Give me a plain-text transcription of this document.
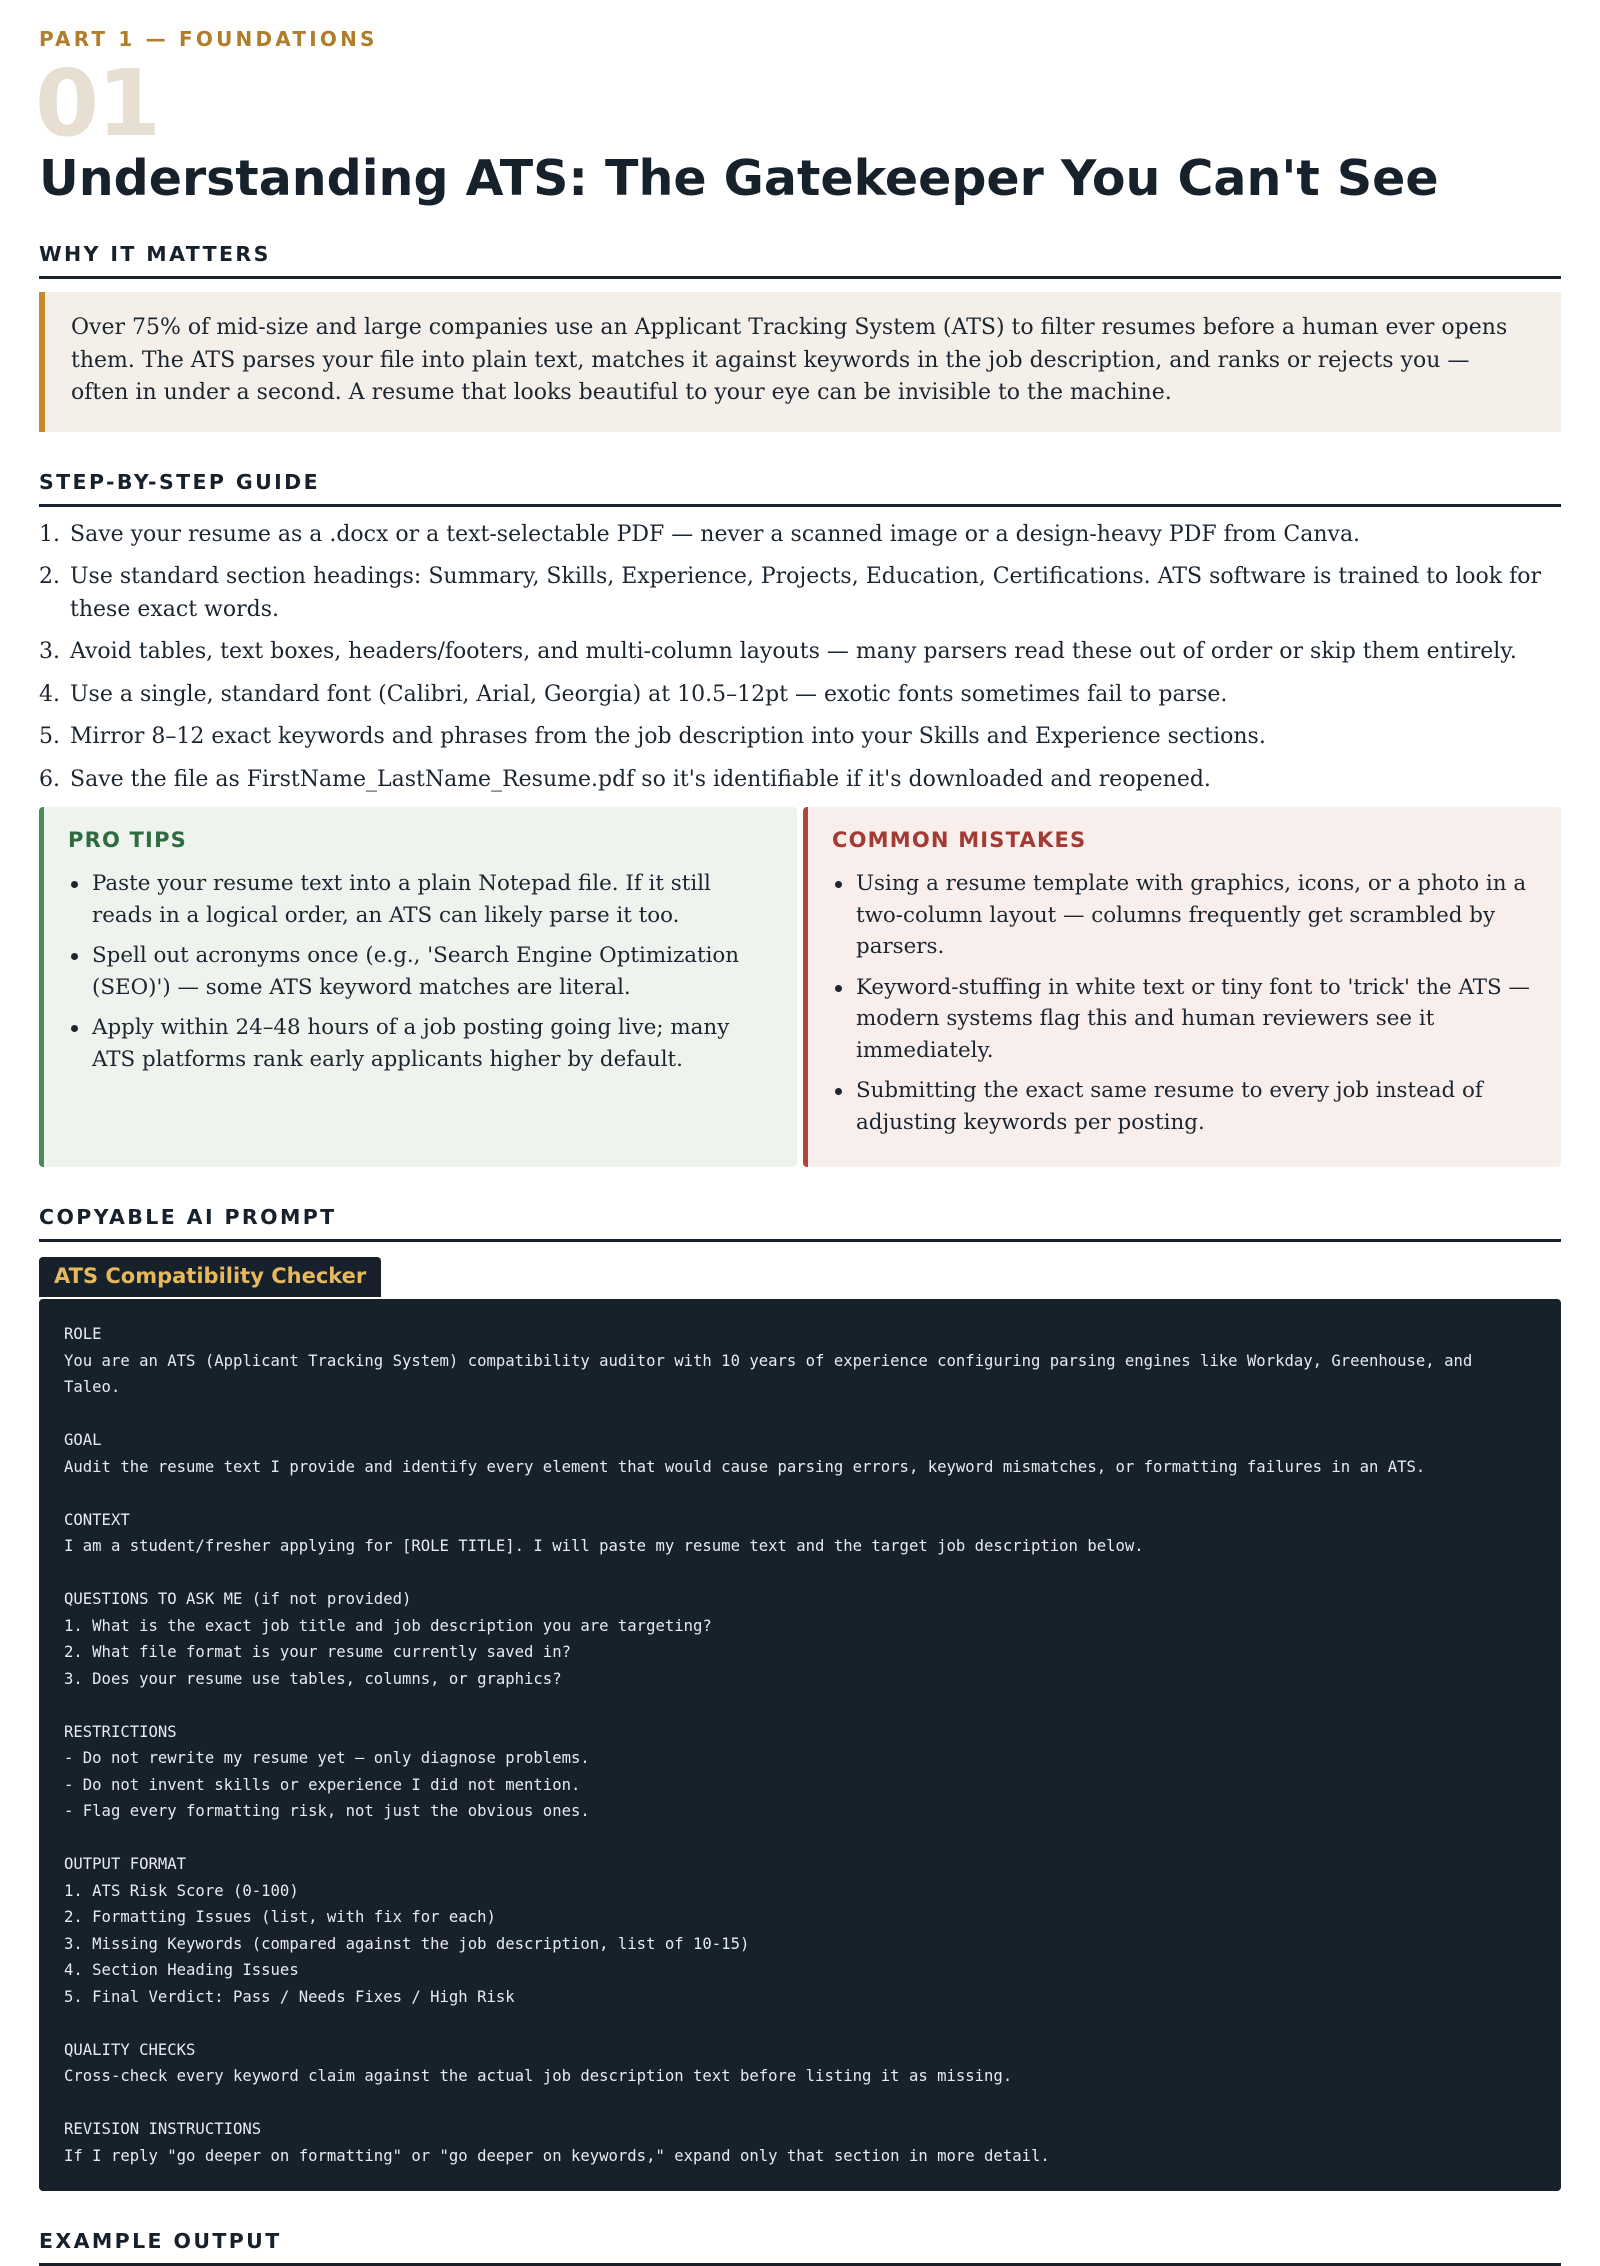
PART 1 — FOUNDATIONS
01
Understanding ATS: The Gatekeeper You Can't See
WHY IT MATTERS
Over 75% of mid-size and large companies use an Applicant Tracking System (ATS) to filter resumes before a human ever opens them. The ATS parses your file into plain text, matches it against keywords in the job description, and ranks or rejects you — often in under a second. A resume that looks beautiful to your eye can be invisible to the machine.
STEP-BY-STEP GUIDE
1. Save your resume as a .docx or a text-selectable PDF — never a scanned image or a design-heavy PDF from Canva.
2. Use standard section headings: Summary, Skills, Experience, Projects, Education, Certifications. ATS software is trained to look for these exact words.
3. Avoid tables, text boxes, headers/footers, and multi-column layouts — many parsers read these out of order or skip them entirely.
4. Use a single, standard font (Calibri, Arial, Georgia) at 10.5–12pt — exotic fonts sometimes fail to parse.
5. Mirror 8–12 exact keywords and phrases from the job description into your Skills and Experience sections.
6. Save the file as FirstName_LastName_Resume.pdf so it's identifiable if it's downloaded and reopened.
PRO TIPS
Paste your resume text into a plain Notepad file. If it still reads in a logical order, an ATS can likely parse it too.
Spell out acronyms once (e.g., 'Search Engine Optimization (SEO)') — some ATS keyword matches are literal.
Apply within 24–48 hours of a job posting going live; many ATS platforms rank early applicants higher by default.
COMMON MISTAKES
Using a resume template with graphics, icons, or a photo in a two-column layout — columns frequently get scrambled by parsers.
Keyword-stuffing in white text or tiny font to 'trick' the ATS — modern systems flag this and human reviewers see it immediately.
Submitting the exact same resume to every job instead of adjusting keywords per posting.
COPYABLE AI PROMPT
ATS Compatibility Checker
ROLE
You are an ATS (Applicant Tracking System) compatibility auditor with 10 years of experience configuring parsing engines like Workday, Greenhouse, and Taleo.

GOAL
Audit the resume text I provide and identify every element that would cause parsing errors, keyword mismatches, or formatting failures in an ATS.

CONTEXT
I am a student/fresher applying for [ROLE TITLE]. I will paste my resume text and the target job description below.

QUESTIONS TO ASK ME (if not provided)
1. What is the exact job title and job description you are targeting?
2. What file format is your resume currently saved in?
3. Does your resume use tables, columns, or graphics?

RESTRICTIONS
- Do not rewrite my resume yet — only diagnose problems.
- Do not invent skills or experience I did not mention.
- Flag every formatting risk, not just the obvious ones.

OUTPUT FORMAT
1. ATS Risk Score (0-100)
2. Formatting Issues (list, with fix for each)
3. Missing Keywords (compared against the job description, list of 10-15)
4. Section Heading Issues
5. Final Verdict: Pass / Needs Fixes / High Risk

QUALITY CHECKS
Cross-check every keyword claim against the actual job description text before listing it as missing.

REVISION INSTRUCTIONS
If I reply "go deeper on formatting" or "go deeper on keywords," expand only that section in more detail.
EXAMPLE OUTPUT
